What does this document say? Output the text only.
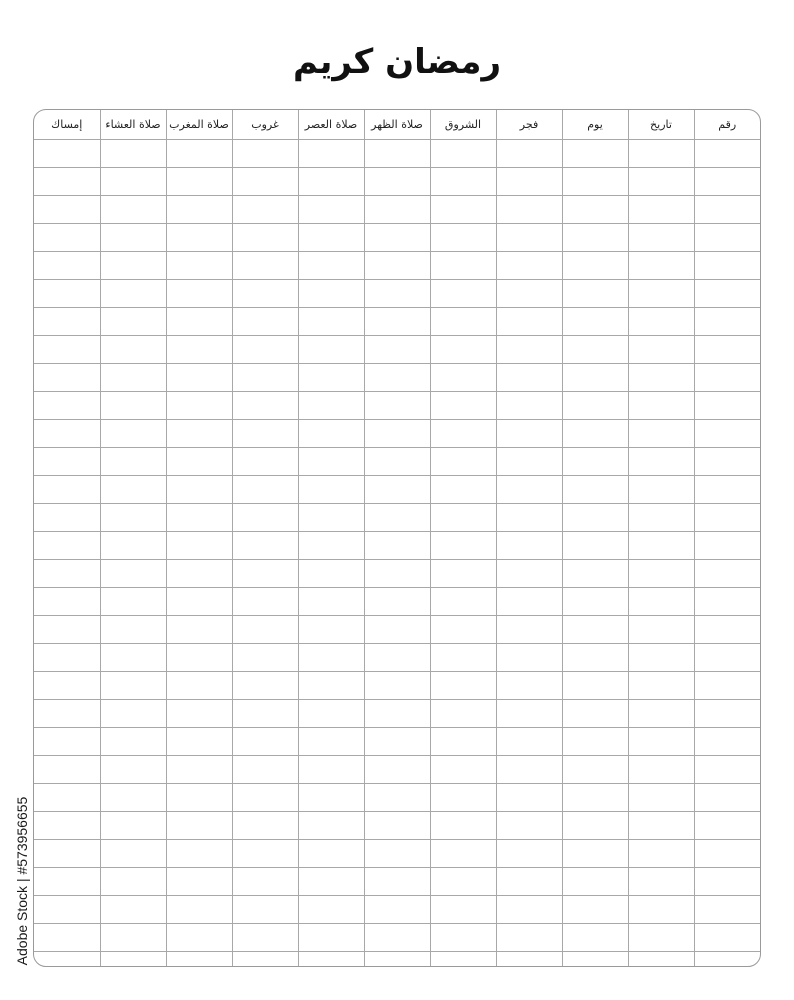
رمضان كريم
رقم	تاريخ	يوم	فجر	الشروق	صلاة الظهر	صلاة العصر	غروب	صلاة المغرب	صلاة العشاء	إمساك

Adobe Stock | #573956655
